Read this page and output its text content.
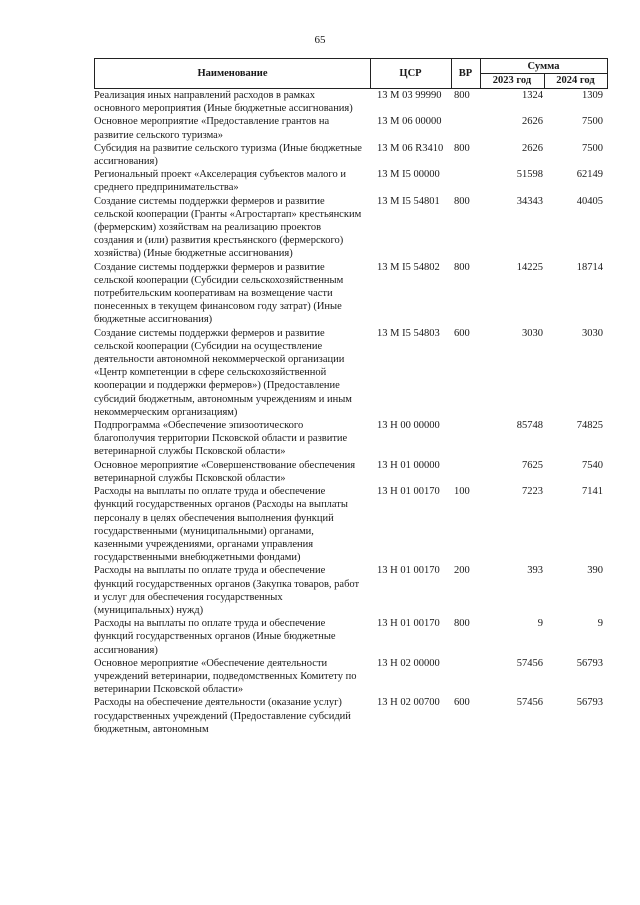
65
Наименование	ЦСР	ВР
Сумма
2023 год	2024 год
Реализация иных направлений расходов в рамках основного мероприятия (Иные бюджетные ассигнования)
13 М 03 99990 800	1324	1309
Основное мероприятие «Предоставление грантов на развитие сельского туризма»
13 М 06 00000	2626	7500
Субсидия на развитие сельского туризма (Иные бюджетные ассигнования)
13 М 06 R3410 800	2626	7500
Региональный проект «Акселерация субъектов малого и среднего предпринимательства»
13 М I5 00000	51598	62149
Создание системы поддержки фермеров и развитие сельской кооперации (Гранты «Агростартап» крестьянским (фермерским) хозяйствам на реализацию проектов создания и (или) развития крестьянского (фермерского) хозяйства) (Иные бюджетные ассигнования)
13 М I5 54801 800	34343	40405
Создание системы поддержки фермеров и развитие сельской кооперации (Субсидии сельскохозяйственным потребительским кооперативам на возмещение части понесенных в текущем финансовом году затрат) (Иные бюджетные ассигнования)
13 М I5 54802 800	14225	18714
Создание системы поддержки фермеров и развитие сельской кооперации (Субсидии на осуществление деятельности автономной некоммерческой организации «Центр компетенции в сфере сельскохозяйственной кооперации и поддержки фермеров») (Предоставление субсидий бюджетным, автономным учреждениям и иным некоммерческим организациям)
13 М I5 54803 600	3030	3030
Подпрограмма «Обеспечение эпизоотического благополучия территории Псковской области и развитие ветеринарной службы Псковской области»
13 Н 00 00000	85748	74825
Основное мероприятие «Совершенствование обеспечения ветеринарной службы Псковской области»
13 Н 01 00000	7625	7540
Расходы на выплаты по оплате труда и обеспечение функций государственных органов (Расходы на выплаты персоналу в целях обеспечения выполнения функций государственными (муниципальными) органами, казенными учреждениями, органами управления государственными внебюджетными фондами)
13 Н 01 00170 100	7223	7141
Расходы на выплаты по оплате труда и обеспечение функций государственных органов (Закупка товаров, работ и услуг для обеспечения государственных (муниципальных) нужд)
13 Н 01 00170 200	393	390
Расходы на выплаты по оплате труда и обеспечение функций государственных органов (Иные бюджетные ассигнования)
13 Н 01 00170 800	9	9
Основное мероприятие «Обеспечение деятельности учреждений ветеринарии, подведомственных Комитету по ветеринарии Псковской области»
13 Н 02 00000	57456	56793
Расходы на обеспечение деятельности (оказание услуг) государственных учреждений (Предоставление субсидий бюджетным, автономным
13 Н 02 00700 600	57456	56793
